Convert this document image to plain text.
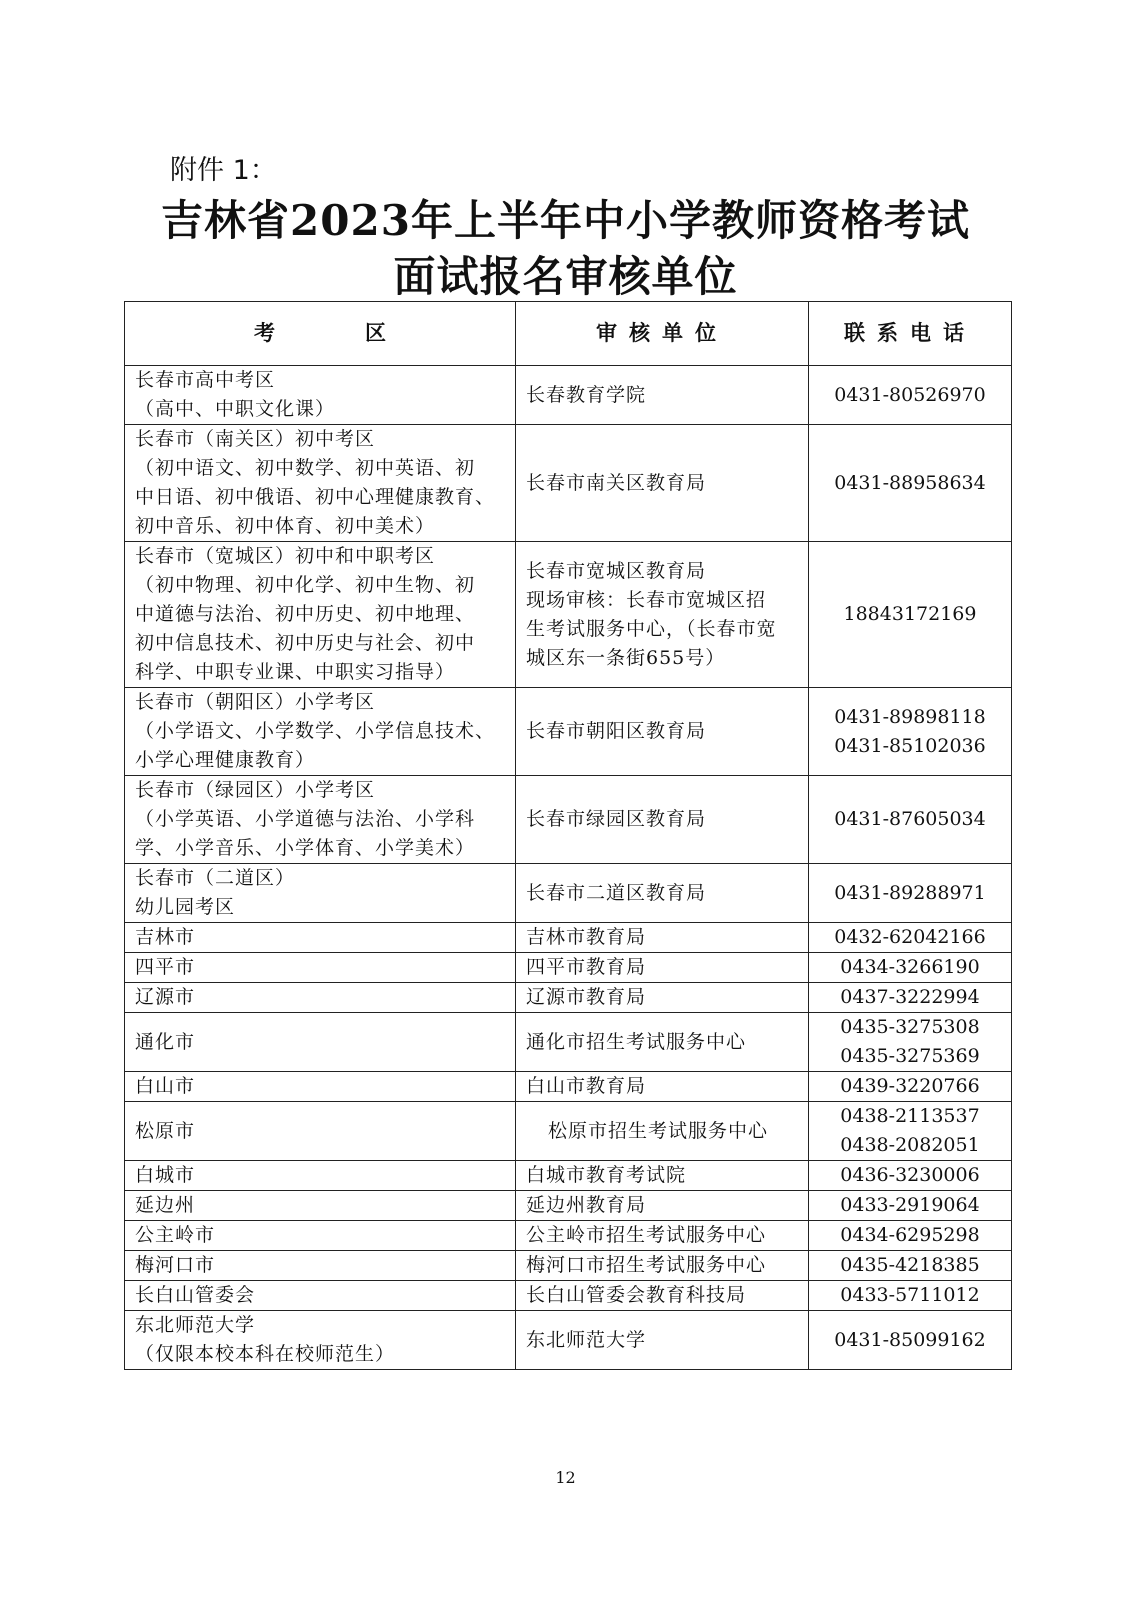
附件 1：
吉林省2023年上半年中小学教师资格考试
面试报名审核单位
考 区	审核单位	联系电话

长春市高中考区
（高中、中职文化课）	长春教育学院	0431-80526970

长春市（南关区）初中考区
（初中语文、初中数学、初中英语、初
中日语、初中俄语、初中心理健康教育、
初中音乐、初中体育、初中美术）	长春市南关区教育局	0431-88958634

长春市（宽城区）初中和中职考区
（初中物理、初中化学、初中生物、初
中道德与法治、初中历史、初中地理、
初中信息技术、初中历史与社会、初中
科学、中职专业课、中职实习指导）	长春市宽城区教育局
现场审核：长春市宽城区招
生考试服务中心，（长春市宽
城区东一条街655号）	18843172169

长春市（朝阳区）小学考区
（小学语文、小学数学、小学信息技术、
小学心理健康教育）	长春市朝阳区教育局	0431-89898118
0431-85102036

长春市（绿园区）小学考区
（小学英语、小学道德与法治、小学科
学、小学音乐、小学体育、小学美术）	长春市绿园区教育局	0431-87605034

长春市（二道区）
幼儿园考区	长春市二道区教育局	0431-89288971

吉林市	吉林市教育局	0432-62042166

四平市	四平市教育局	0434-3266190

辽源市	辽源市教育局	0437-3222994

通化市	通化市招生考试服务中心	0435-3275308
0435-3275369

白山市	白山市教育局	0439-3220766

松原市	松原市招生考试服务中心	0438-2113537
0438-2082051

白城市	白城市教育考试院	0436-3230006

延边州	延边州教育局	0433-2919064

公主岭市	公主岭市招生考试服务中心	0434-6295298

梅河口市	梅河口市招生考试服务中心	0435-4218385

长白山管委会	长白山管委会教育科技局	0433-5711012

东北师范大学
（仅限本校本科在校师范生）	东北师范大学	0431-85099162
12
